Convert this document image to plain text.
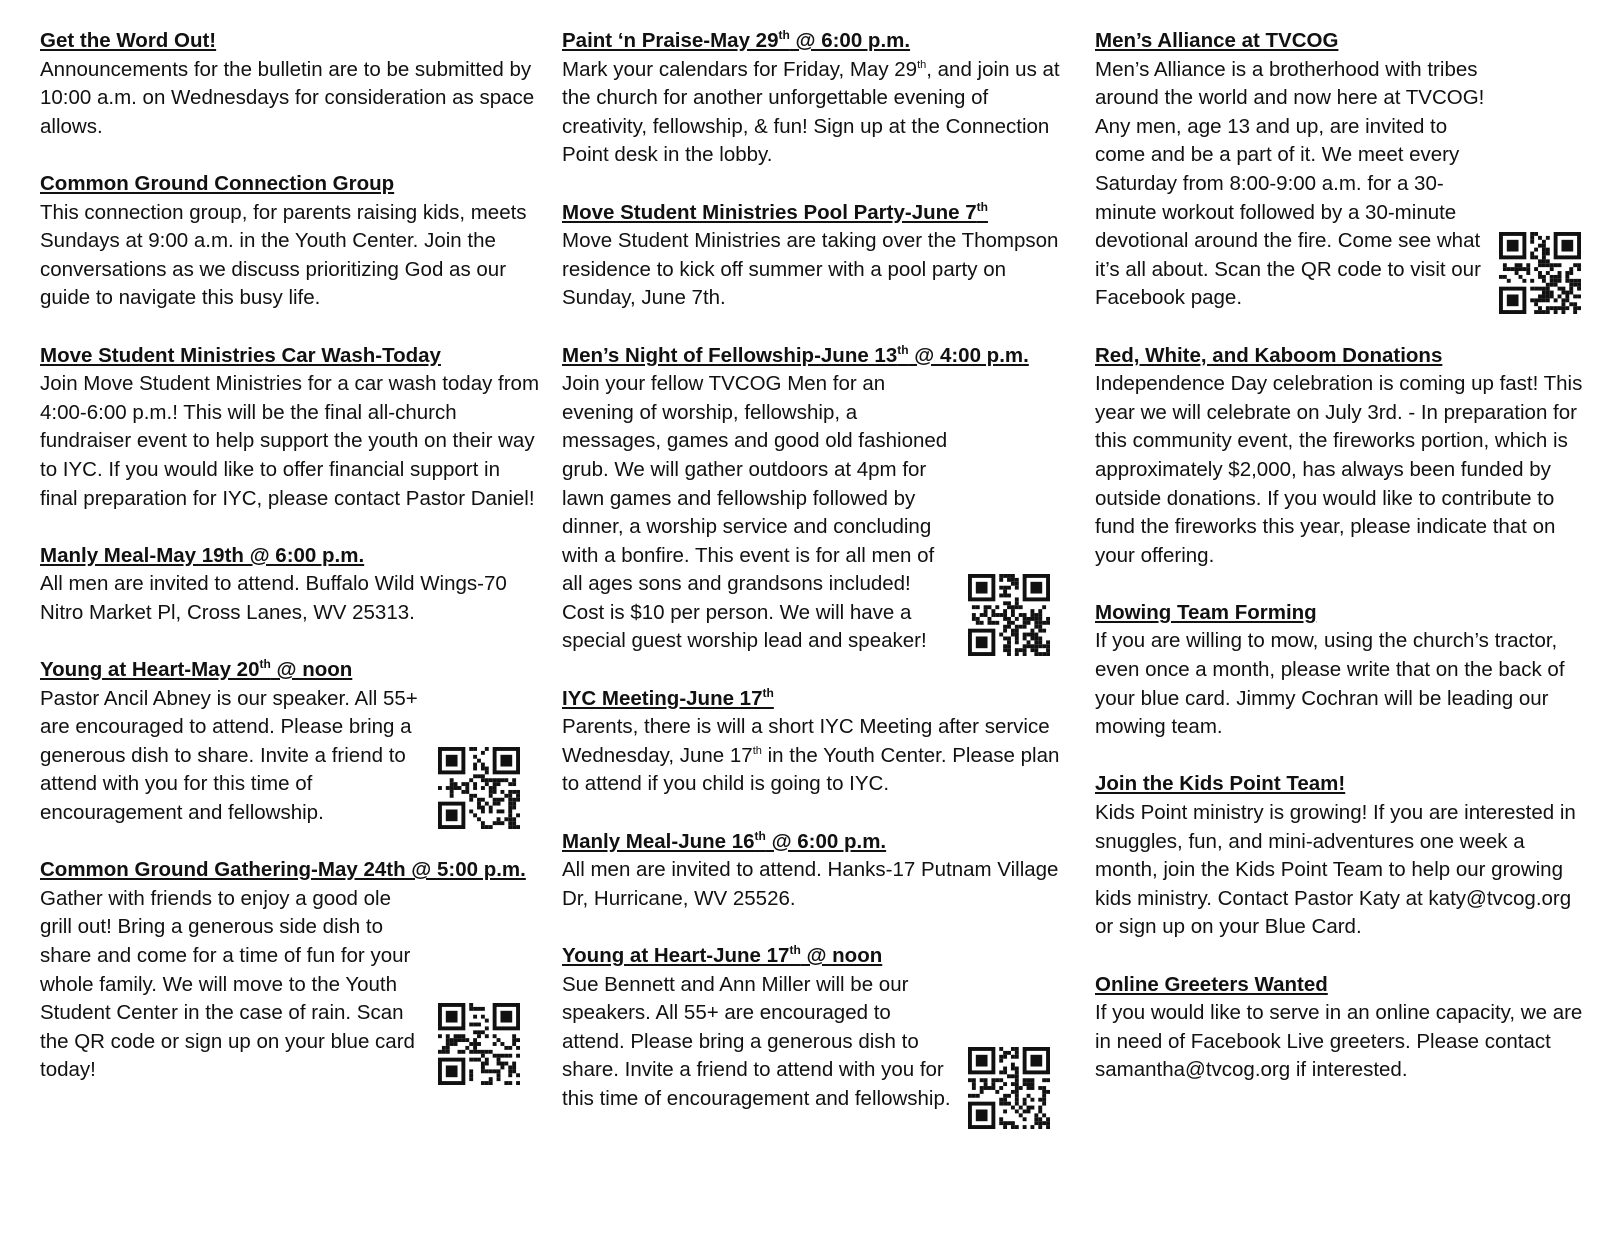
Get the Word Out!
Announcements for the bulletin are to be submitted by 10:00 a.m. on Wednesdays for consideration as space allows.
Common Ground Connection Group
This connection group, for parents raising kids, meets Sundays at 9:00 a.m. in the Youth Center. Join the conversations as we discuss prioritizing God as our guide to navigate this busy life.
Move Student Ministries Car Wash-Today
Join Move Student Ministries for a car wash today from 4:00-6:00 p.m.! This will be the final all-church fundraiser event to help support the youth on their way to IYC. If you would like to offer financial support in final preparation for IYC, please contact Pastor Daniel!
Manly Meal-May 19th @ 6:00 p.m.
All men are invited to attend. Buffalo Wild Wings-70 Nitro Market Pl, Cross Lanes, WV 25313.
Young at Heart-May 20th @ noon
Pastor Ancil Abney is our speaker. All 55+ are encouraged to attend. Please bring a generous dish to share. Invite a friend to attend with you for this time of encouragement and fellowship.
Common Ground Gathering-May 24th @ 5:00 p.m.
Gather with friends to enjoy a good ole grill out! Bring a generous side dish to share and come for a time of fun for your whole family. We will move to the Youth Student Center in the case of rain. Scan the QR code or sign up on your blue card today!
Paint ‘n Praise-May 29th @ 6:00 p.m.
Mark your calendars for Friday, May 29th, and join us at the church for another unforgettable evening of creativity, fellowship, & fun! Sign up at the Connection Point desk in the lobby.
Move Student Ministries Pool Party-June 7th
Move Student Ministries are taking over the Thompson residence to kick off summer with a pool party on Sunday, June 7th.
Men’s Night of Fellowship-June 13th @ 4:00 p.m.
Join your fellow TVCOG Men for an evening of worship, fellowship, a messages, games and good old fashioned grub. We will gather outdoors at 4pm for lawn games and fellowship followed by dinner, a worship service and concluding with a bonfire. This event is for all men of all ages sons and grandsons included! Cost is $10 per person. We will have a special guest worship lead and speaker!
IYC Meeting-June 17th
Parents, there is will a short IYC Meeting after service Wednesday, June 17th in the Youth Center. Please plan to attend if you child is going to IYC.
Manly Meal-June 16th @ 6:00 p.m.
All men are invited to attend. Hanks-17 Putnam Village Dr, Hurricane, WV 25526.
Young at Heart-June 17th @ noon
Sue Bennett and Ann Miller will be our speakers. All 55+ are encouraged to attend. Please bring a generous dish to share. Invite a friend to attend with you for this time of encouragement and fellowship.
Men’s Alliance at TVCOG
Men’s Alliance is a brotherhood with tribes around the world and now here at TVCOG! Any men, age 13 and up, are invited to come and be a part of it. We meet every Saturday from 8:00-9:00 a.m. for a 30-minute workout followed by a 30-minute devotional around the fire. Come see what it’s all about. Scan the QR code to visit our Facebook page.
Red, White, and Kaboom Donations
Independence Day celebration is coming up fast! This year we will celebrate on July 3rd. - In preparation for this community event, the fireworks portion, which is approximately $2,000, has always been funded by outside donations. If you would like to contribute to fund the fireworks this year, please indicate that on your offering.
Mowing Team Forming
If you are willing to mow, using the church’s tractor, even once a month, please write that on the back of your blue card. Jimmy Cochran will be leading our mowing team.
Join the Kids Point Team!
Kids Point ministry is growing! If you are interested in snuggles, fun, and mini-adventures one week a month, join the Kids Point Team to help our growing kids ministry. Contact Pastor Katy at katy@tvcog.org or sign up on your Blue Card.
Online Greeters Wanted
If you would like to serve in an online capacity, we are in need of Facebook Live greeters. Please contact samantha@tvcog.org if interested.
